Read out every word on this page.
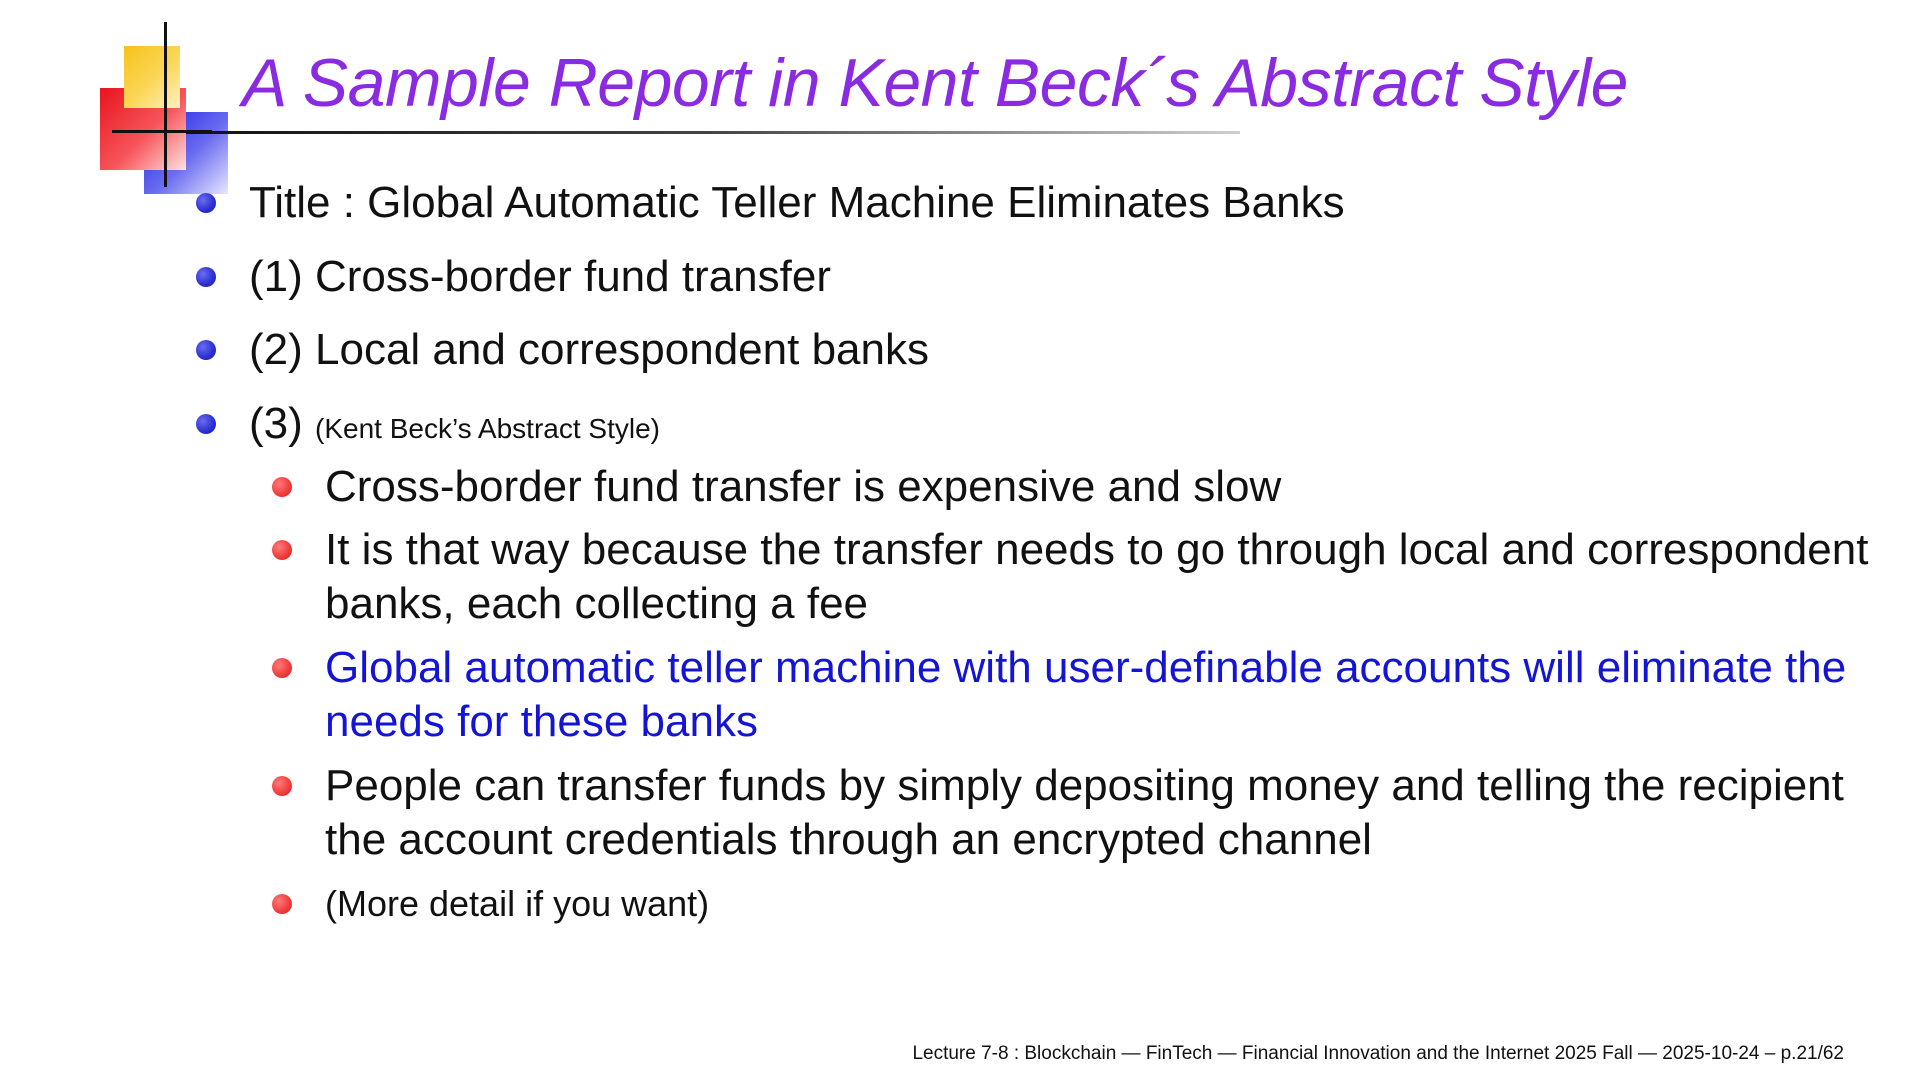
A Sample Report in Kent Beck´s Abstract Style
Title : Global Automatic Teller Machine Eliminates Banks
(1) Cross-border fund transfer
(2) Local and correspondent banks
(3) (Kent Beck’s Abstract Style)
Cross-border fund transfer is expensive and slow
It is that way because the transfer needs to go through local and correspondent banks, each collecting a fee
Global automatic teller machine with user-definable accounts will eliminate the needs for these banks
People can transfer funds by simply depositing money and telling the recipient the account credentials through an encrypted channel
(More detail if you want)
Lecture 7-8 : Blockchain — FinTech — Financial Innovation and the Internet 2025 Fall — 2025-10-24 – p.21/62
